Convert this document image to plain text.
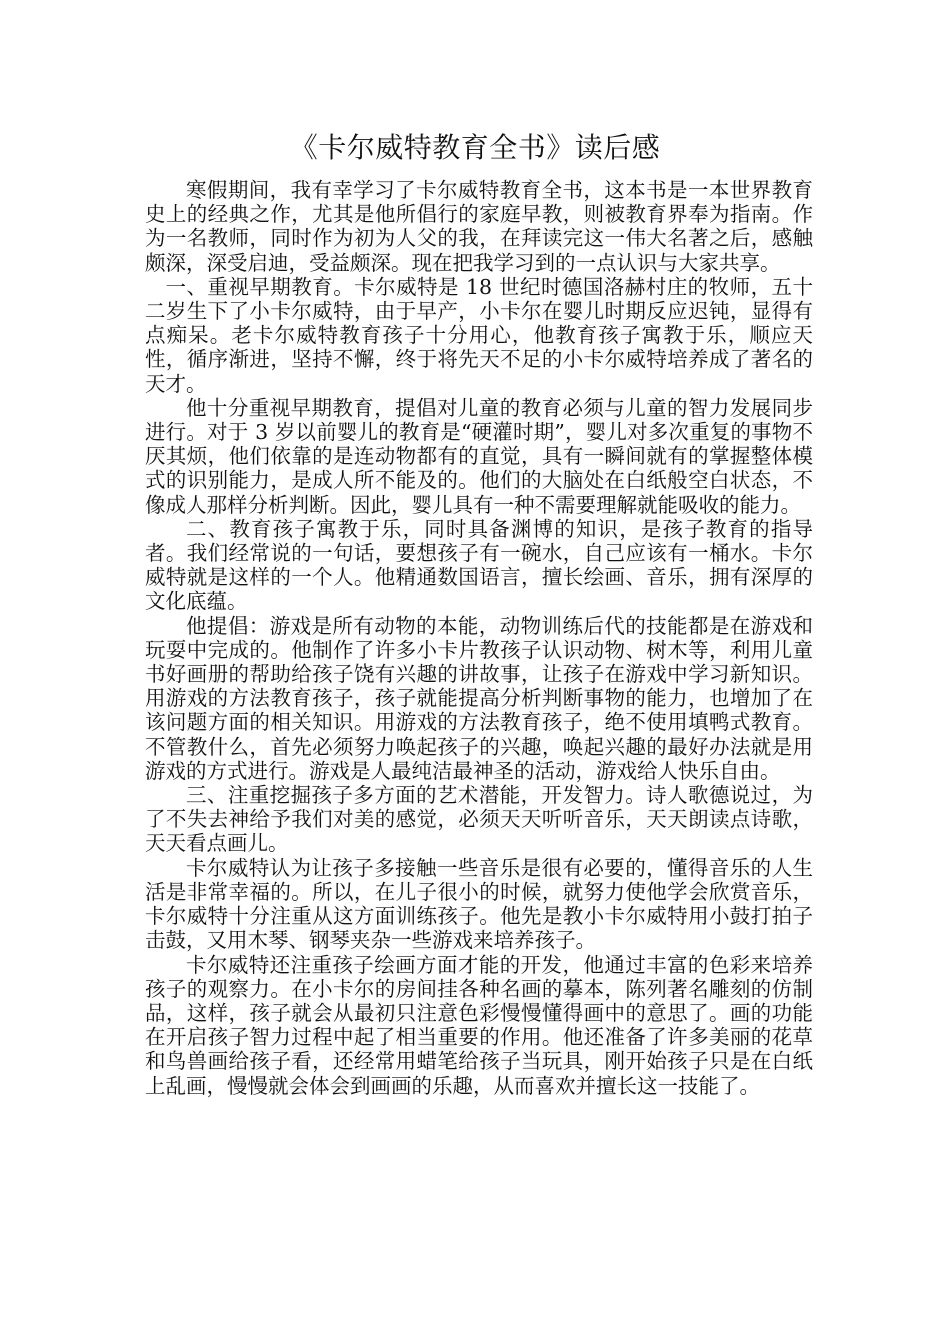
《卡尔威特教育全书》读后感

寒假期间，我有幸学习了卡尔威特教育全书，这本书是一本世界教育史上的经典之作，尤其是他所倡行的家庭早教，则被教育界奉为指南。作为一名教师，同时作为初为人父的我，在拜读完这一伟大名著之后，感触颇深，深受启迪，受益颇深。现在把我学习到的一点认识与大家共享。

一、重视早期教育。卡尔威特是 18 世纪时德国洛赫村庄的牧师，五十二岁生下了小卡尔威特，由于早产，小卡尔在婴儿时期反应迟钝，显得有点痴呆。老卡尔威特教育孩子十分用心，他教育孩子寓教于乐，顺应天性，循序渐进，坚持不懈，终于将先天不足的小卡尔威特培养成了著名的天才。

他十分重视早期教育，提倡对儿童的教育必须与儿童的智力发展同步进行。对于 3 岁以前婴儿的教育是“硬灌时期”，婴儿对多次重复的事物不厌其烦，他们依靠的是连动物都有的直觉，具有一瞬间就有的掌握整体模式的识别能力，是成人所不能及的。他们的大脑处在白纸般空白状态，不像成人那样分析判断。因此，婴儿具有一种不需要理解就能吸收的能力。

二、教育孩子寓教于乐，同时具备渊博的知识，是孩子教育的指导者。我们经常说的一句话，要想孩子有一碗水，自己应该有一桶水。卡尔威特就是这样的一个人。他精通数国语言，擅长绘画、音乐，拥有深厚的文化底蕴。

他提倡：游戏是所有动物的本能，动物训练后代的技能都是在游戏和玩耍中完成的。他制作了许多小卡片教孩子认识动物、树木等，利用儿童书好画册的帮助给孩子饶有兴趣的讲故事，让孩子在游戏中学习新知识。用游戏的方法教育孩子，孩子就能提高分析判断事物的能力，也增加了在该问题方面的相关知识。用游戏的方法教育孩子，绝不使用填鸭式教育。不管教什么，首先必须努力唤起孩子的兴趣，唤起兴趣的最好办法就是用游戏的方式进行。游戏是人最纯洁最神圣的活动，游戏给人快乐自由。

三、注重挖掘孩子多方面的艺术潜能，开发智力。诗人歌德说过，为了不失去神给予我们对美的感觉，必须天天听听音乐，天天朗读点诗歌，天天看点画儿。

卡尔威特认为让孩子多接触一些音乐是很有必要的，懂得音乐的人生活是非常幸福的。所以，在儿子很小的时候，就努力使他学会欣赏音乐，卡尔威特十分注重从这方面训练孩子。他先是教小卡尔威特用小鼓打拍子击鼓，又用木琴、钢琴夹杂一些游戏来培养孩子。

卡尔威特还注重孩子绘画方面才能的开发，他通过丰富的色彩来培养孩子的观察力。在小卡尔的房间挂各种名画的摹本，陈列著名雕刻的仿制品，这样，孩子就会从最初只注意色彩慢慢懂得画中的意思了。画的功能在开启孩子智力过程中起了相当重要的作用。他还准备了许多美丽的花草和鸟兽画给孩子看，还经常用蜡笔给孩子当玩具，刚开始孩子只是在白纸上乱画，慢慢就会体会到画画的乐趣，从而喜欢并擅长这一技能了。
